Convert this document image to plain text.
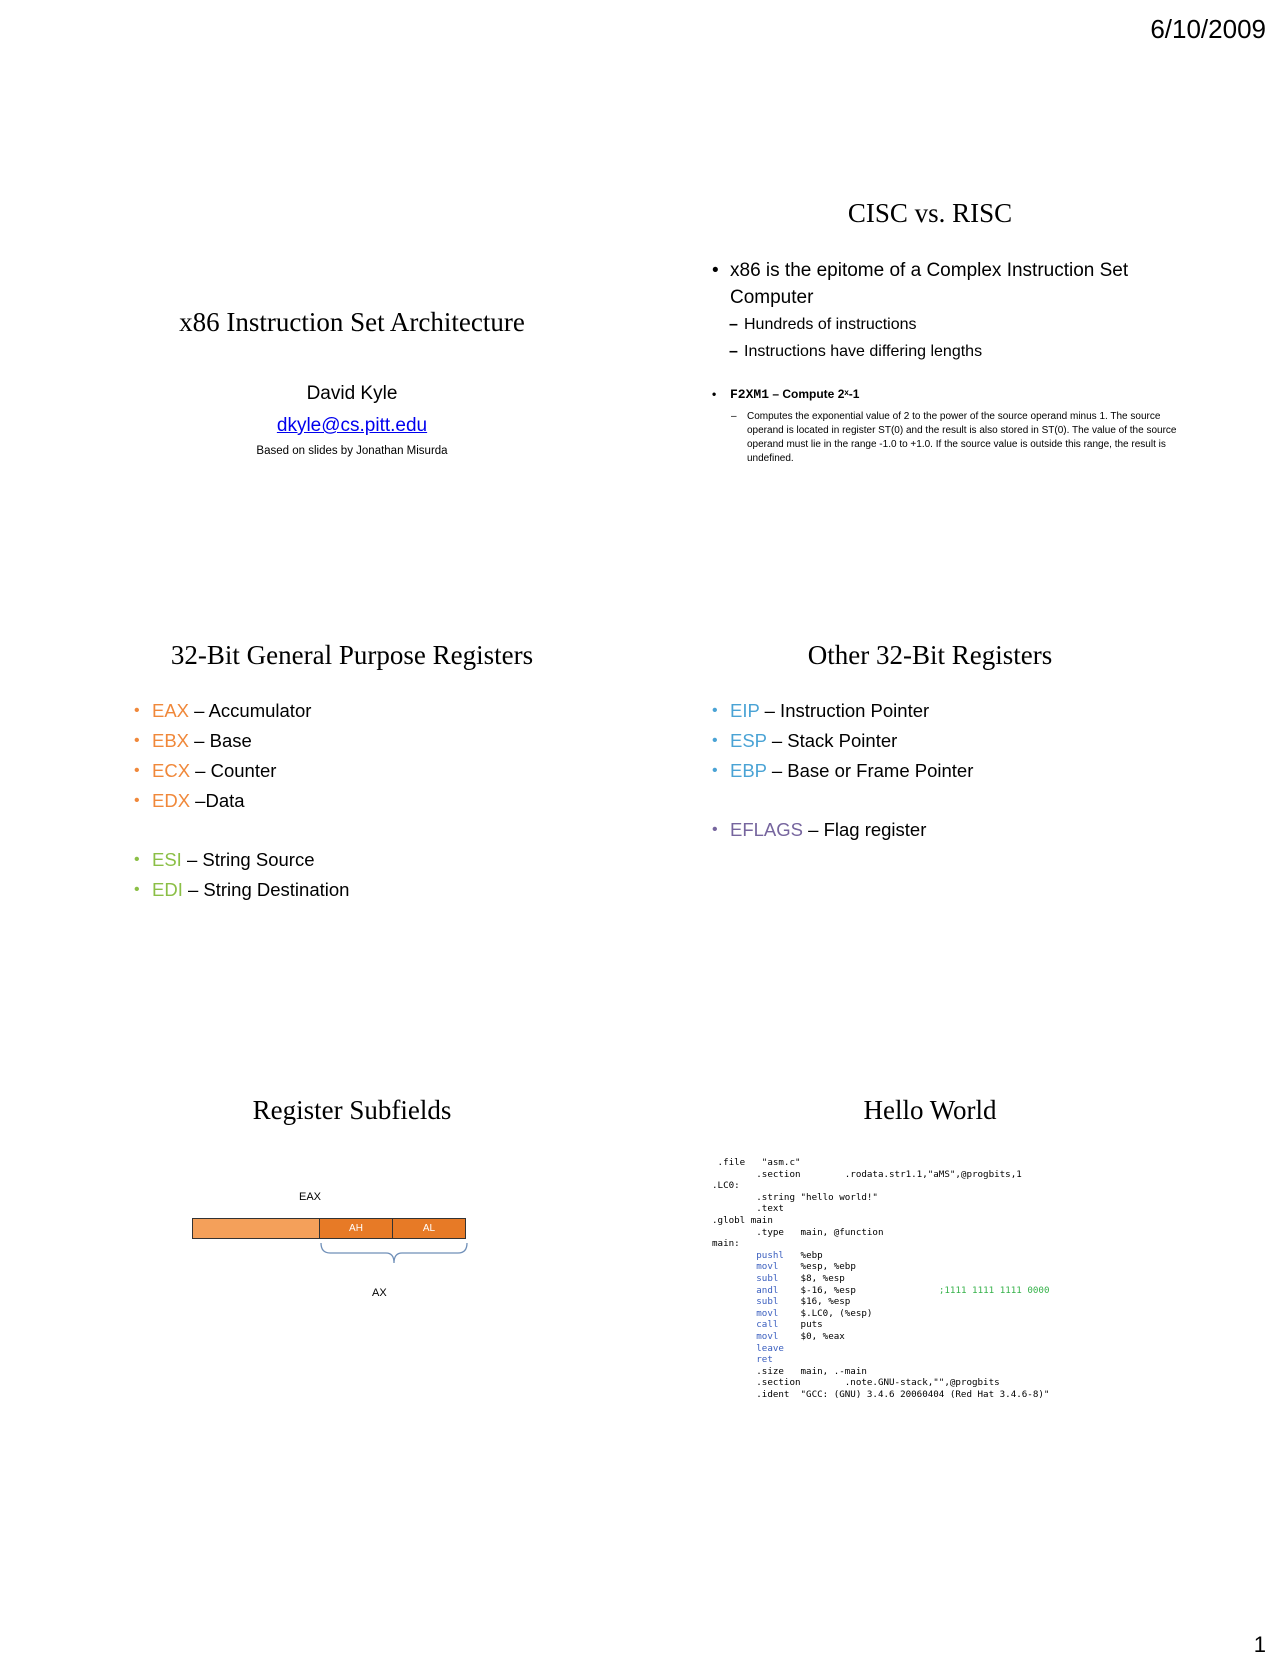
6/10/2009
x86 Instruction Set Architecture
David Kyle
dkyle@cs.pitt.edu
Based on slides by Jonathan Misurda
CISC vs. RISC
• x86 is the epitome of a Complex Instruction Set Computer
– Hundreds of instructions
– Instructions have differing lengths
• F2XM1 – Compute 2ˣ-1
– Computes the exponential value of 2 to the power of the source operand minus 1. The source operand is located in register ST(0) and the result is also stored in ST(0). The value of the source operand must lie in the range -1.0 to +1.0. If the source value is outside this range, the result is undefined.
32-Bit General Purpose Registers
• EAX – Accumulator
• EBX – Base
• ECX – Counter
• EDX –Data
• ESI – String Source
• EDI – String Destination
Other 32-Bit Registers
• EIP – Instruction Pointer
• ESP – Stack Pointer
• EBP – Base or Frame Pointer
• EFLAGS – Flag register
Register Subfields
EAX
AH	AL
AX
Hello World
.file   "asm.c"
.section        .rodata.str1.1,"aMS",@progbits,1
.LC0:
.string "hello world!"
.text
.globl main
.type   main, @function
main:
pushl %ebp
movl %esp, %ebp
subl $8, %esp
andl $-16, %esp	;1111 1111 1111 0000
subl $16, %esp
movl $.LC0, (%esp)
call puts
movl $0, %eax
leave
ret
.size   main, .-main
.section        .note.GNU-stack,"",@progbits
.ident  "GCC: (GNU) 3.4.6 20060404 (Red Hat 3.4.6-8)"
1
